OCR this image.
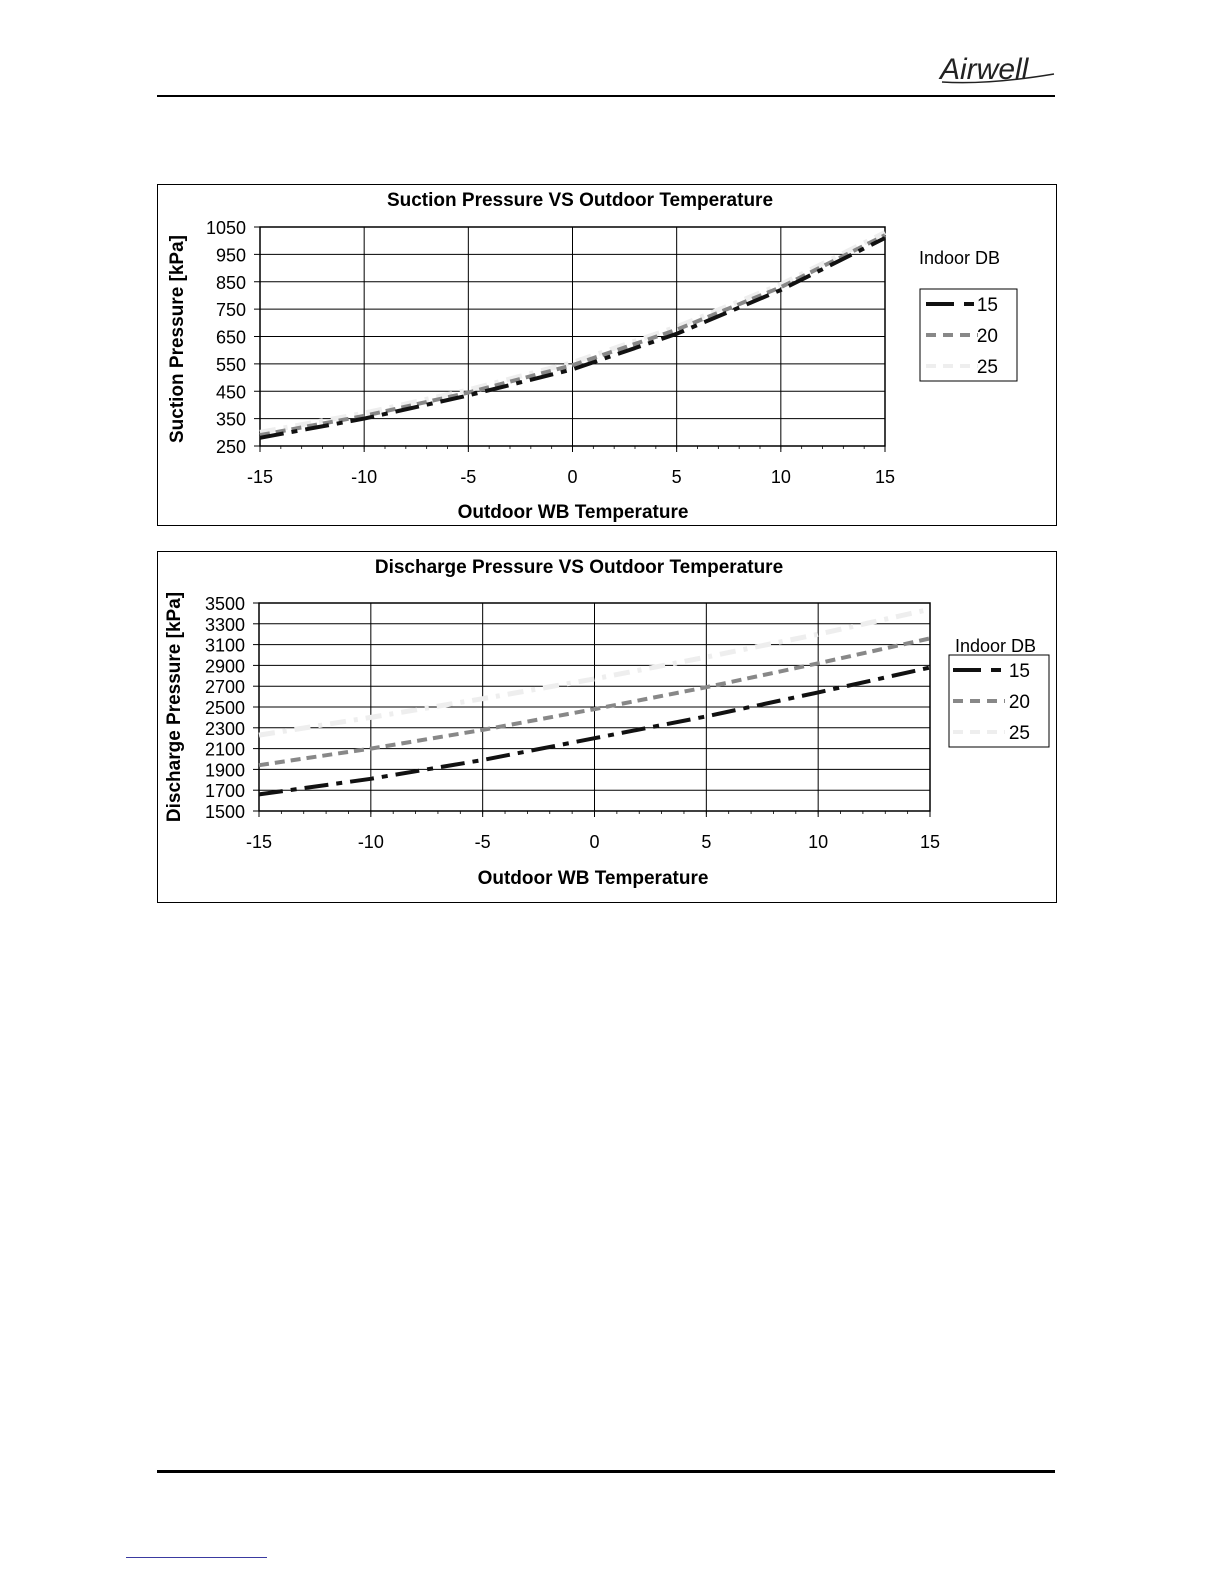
Airwell
Suction Pressure VS Outdoor Temperature
Suction Pressure [kPa]
Outdoor WB Temperature
250
350
450
550
650
750
850
950
1050
-15	-10	-5	0	5	10	15
Indoor DB
15
20
25
Discharge Pressure VS Outdoor Temperature
Discharge Pressure [kPa]
Outdoor WB Temperature
1500
1700
1900
2100
2300
2500
2700
2900
3100
3300
3500
-15	-10	-5	0	5	10	15
Indoor DB
15
20
25
